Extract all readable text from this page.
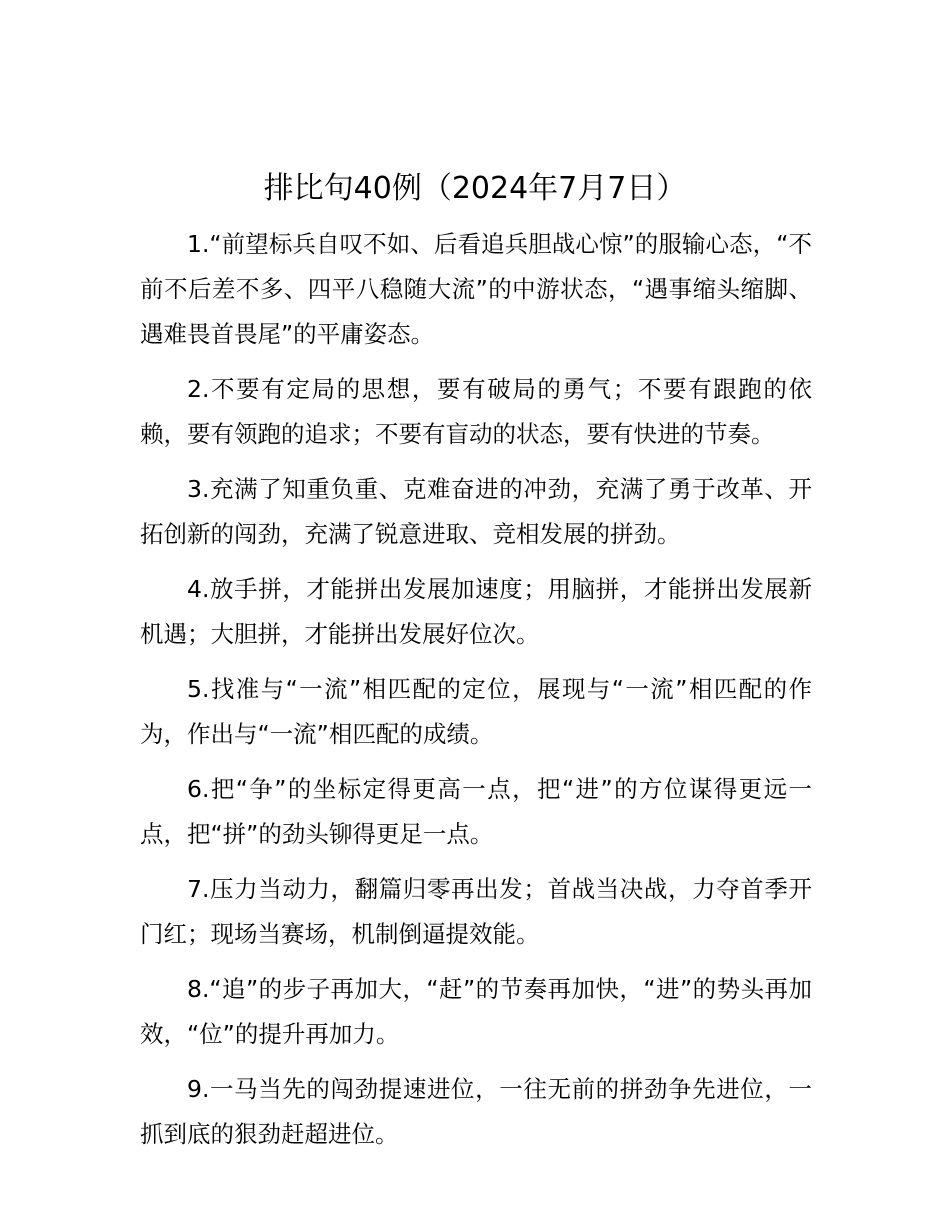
排比句40例（2024年7月7日）

1.“前望标兵自叹不如、后看追兵胆战心惊”的服输心态，“不前不后差不多、四平八稳随大流”的中游状态，“遇事缩头缩脚、遇难畏首畏尾”的平庸姿态。

2.不要有定局的思想，要有破局的勇气；不要有跟跑的依赖，要有领跑的追求；不要有盲动的状态，要有快进的节奏。

3.充满了知重负重、克难奋进的冲劲，充满了勇于改革、开拓创新的闯劲，充满了锐意进取、竞相发展的拼劲。

4.放手拼，才能拼出发展加速度；用脑拼，才能拼出发展新机遇；大胆拼，才能拼出发展好位次。

5.找准与“一流”相匹配的定位，展现与“一流”相匹配的作为，作出与“一流”相匹配的成绩。

6.把“争”的坐标定得更高一点，把“进”的方位谋得更远一点，把“拼”的劲头铆得更足一点。

7.压力当动力，翻篇归零再出发；首战当决战，力夺首季开门红；现场当赛场，机制倒逼提效能。

8.“追”的步子再加大，“赶”的节奏再加快，“进”的势头再加效，“位”的提升再加力。

9.一马当先的闯劲提速进位，一往无前的拼劲争先进位，一抓到底的狠劲赶超进位。
